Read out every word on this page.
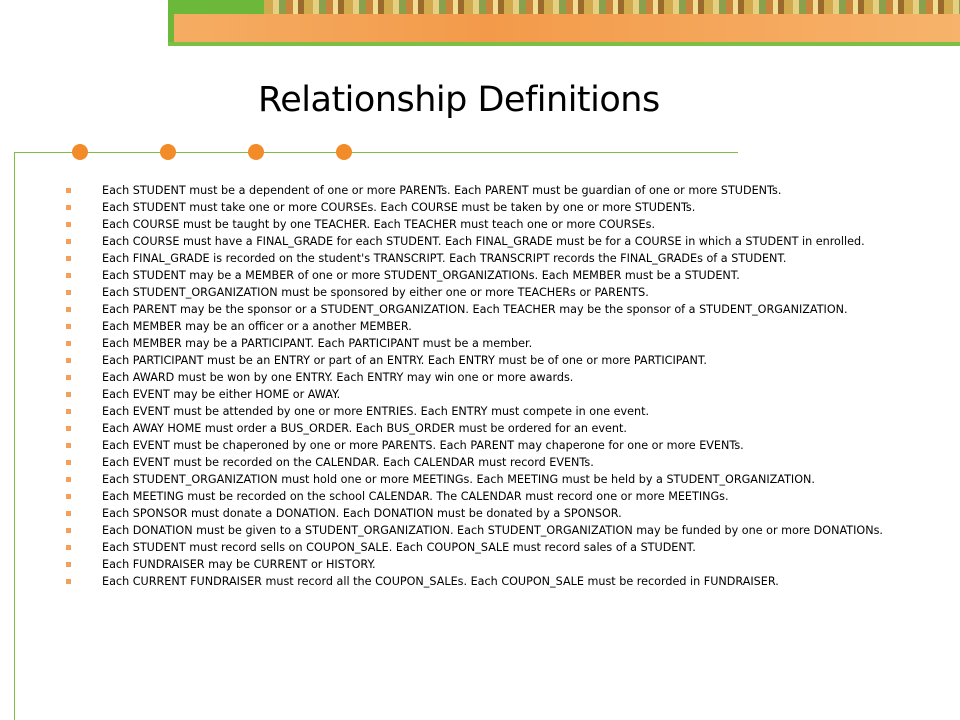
Relationship Definitions
Each STUDENT must be a dependent of one or more PARENTs. Each PARENT must be guardian of one or more STUDENTs.
Each STUDENT must take one or more COURSEs. Each COURSE must be taken by one or more STUDENTs.
Each COURSE must be taught by one TEACHER. Each TEACHER must teach one or more COURSEs.
Each COURSE must have a FINAL_GRADE for each STUDENT. Each FINAL_GRADE must be for a COURSE in which a STUDENT in enrolled.
Each FINAL_GRADE is recorded on the student's TRANSCRIPT. Each TRANSCRIPT records the FINAL_GRADEs of a STUDENT.
Each STUDENT may be a MEMBER of one or more STUDENT_ORGANIZATIONs. Each MEMBER must be a STUDENT.
Each STUDENT_ORGANIZATION must be sponsored by either one or more TEACHERs or PARENTS.
Each PARENT may be the sponsor or a STUDENT_ORGANIZATION. Each TEACHER may be the sponsor of a STUDENT_ORGANIZATION.
Each MEMBER may be an officer or a another MEMBER.
Each MEMBER may be a PARTICIPANT. Each PARTICIPANT must be a member.
Each PARTICIPANT must be an ENTRY or part of an ENTRY. Each ENTRY must be of one or more PARTICIPANT.
Each AWARD must be won by one ENTRY. Each ENTRY may win one or more awards.
Each EVENT may be either HOME or AWAY.
Each EVENT must be attended by one or more ENTRIES. Each ENTRY must compete in one event.
Each AWAY HOME must order a BUS_ORDER. Each BUS_ORDER must be ordered for an event.
Each EVENT must be chaperoned by one or more PARENTS. Each PARENT may chaperone for one or more EVENTs.
Each EVENT must be recorded on the CALENDAR. Each CALENDAR must record EVENTs.
Each STUDENT_ORGANIZATION must hold one or more MEETINGs. Each MEETING must be held by a STUDENT_ORGANIZATION.
Each MEETING must be recorded on the school CALENDAR. The CALENDAR must record one or more MEETINGs.
Each SPONSOR must donate a DONATION. Each DONATION must be donated by a SPONSOR.
Each DONATION must be given to a STUDENT_ORGANIZATION. Each STUDENT_ORGANIZATION may be funded by one or more DONATIONs.
Each STUDENT must record sells on COUPON_SALE. Each COUPON_SALE must record sales of a STUDENT.
Each FUNDRAISER may be CURRENT or HISTORY.
Each CURRENT FUNDRAISER must record all the COUPON_SALEs. Each COUPON_SALE must be recorded in FUNDRAISER.
